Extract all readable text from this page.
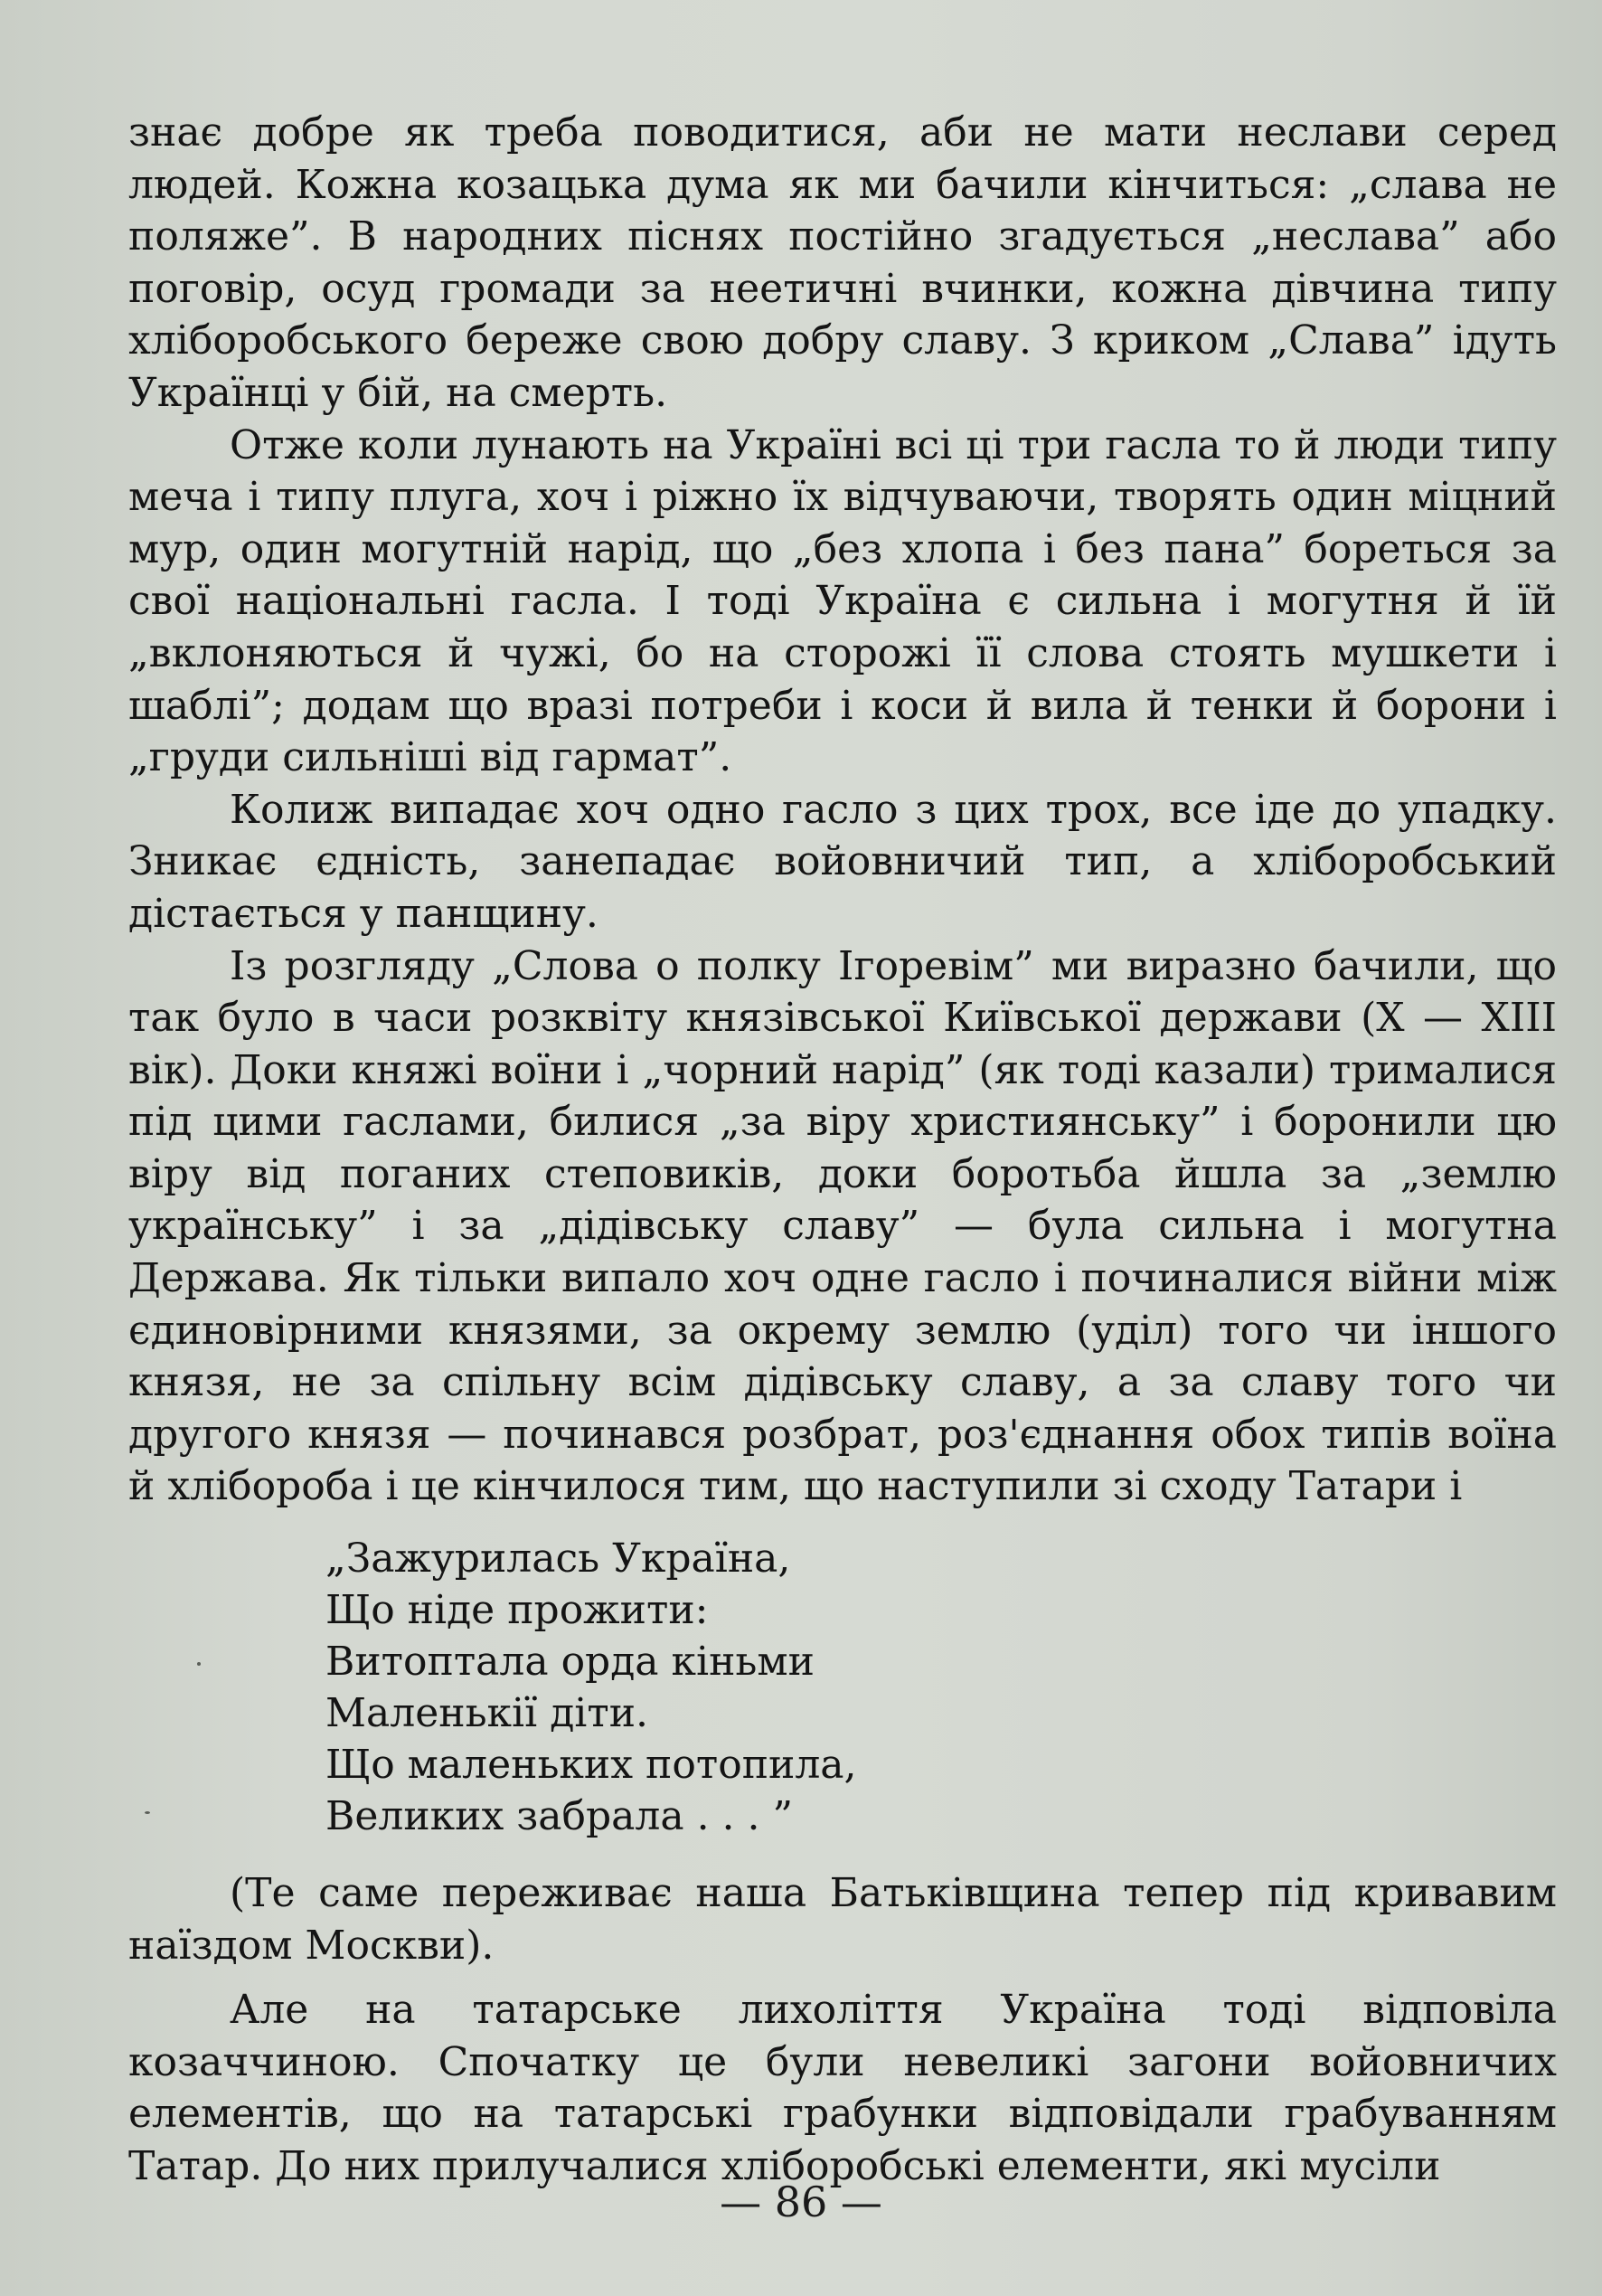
знає добре як треба поводитися, аби не мати неслави серед людей. Кожна козацька дума як ми бачили кінчиться: „слава не поляже”. В народних піснях постійно згадується „неслава” або поговір, осуд громади за неетичні вчинки, кожна дівчина типу хліборобського береже свою добру славу. З криком „Слава” ідуть Українці у бій, на смерть.

Отже коли лунають на Україні всі ці три гасла то й люди типу меча і типу плуга, хоч і ріжно їх відчуваючи, творять один міцний мур, один могутній нарід, що „без хлопа і без пана” бореться за свої національні гасла. І тоді Україна є сильна і могутня й їй „вклоняються й чужі, бо на сторожі її слова стоять мушкети і шаблі”; додам що вразі потреби і коси й вила й тенки й борони і „груди сильніші від гармат”.

Колиж випадає хоч одно гасло з цих трох, все іде до упадку. Зникає єдність, занепадає войовничий тип, а хліборобський дістається у панщину.

Із розгляду „Слова о полку Ігоревім” ми виразно бачили, що так було в часи розквіту князівської Київської держави (X — XIII вік). Доки княжі воїни і „чорний нарід” (як тоді казали) трималися під цими гаслами, билися „за віру християнську” і боронили цю віру від поганих степовиків, доки боротьба йшла за „землю українську” і за „дідівську славу” — була сильна і могутна Держава. Як тільки випало хоч одне гасло і починалися війни між єдиновірними князями, за окрему землю (уділ) того чи іншого князя, не за спільну всім дідівську славу, а за славу того чи другого князя — починався розбрат, роз'єднання обох типів воїна й хлібороба і це кінчилося тим, що наступили зі сходу Татари і

„Зажурилась Україна,
Що ніде прожити:
Витоптала орда кіньми
Маленькії діти.
Що маленьких потопила,
Великих забрала . . . ”

(Те саме переживає наша Батьківщина тепер під кривавим наїздом Москви).

Але на татарське лихоліття Україна тоді відповіла козаччиною. Спочатку це були невеликі загони войовничих елементів, що на татарські грабунки відповідали грабуванням Татар. До них прилучалися хліборобські елементи, які мусіли

— 86 —
